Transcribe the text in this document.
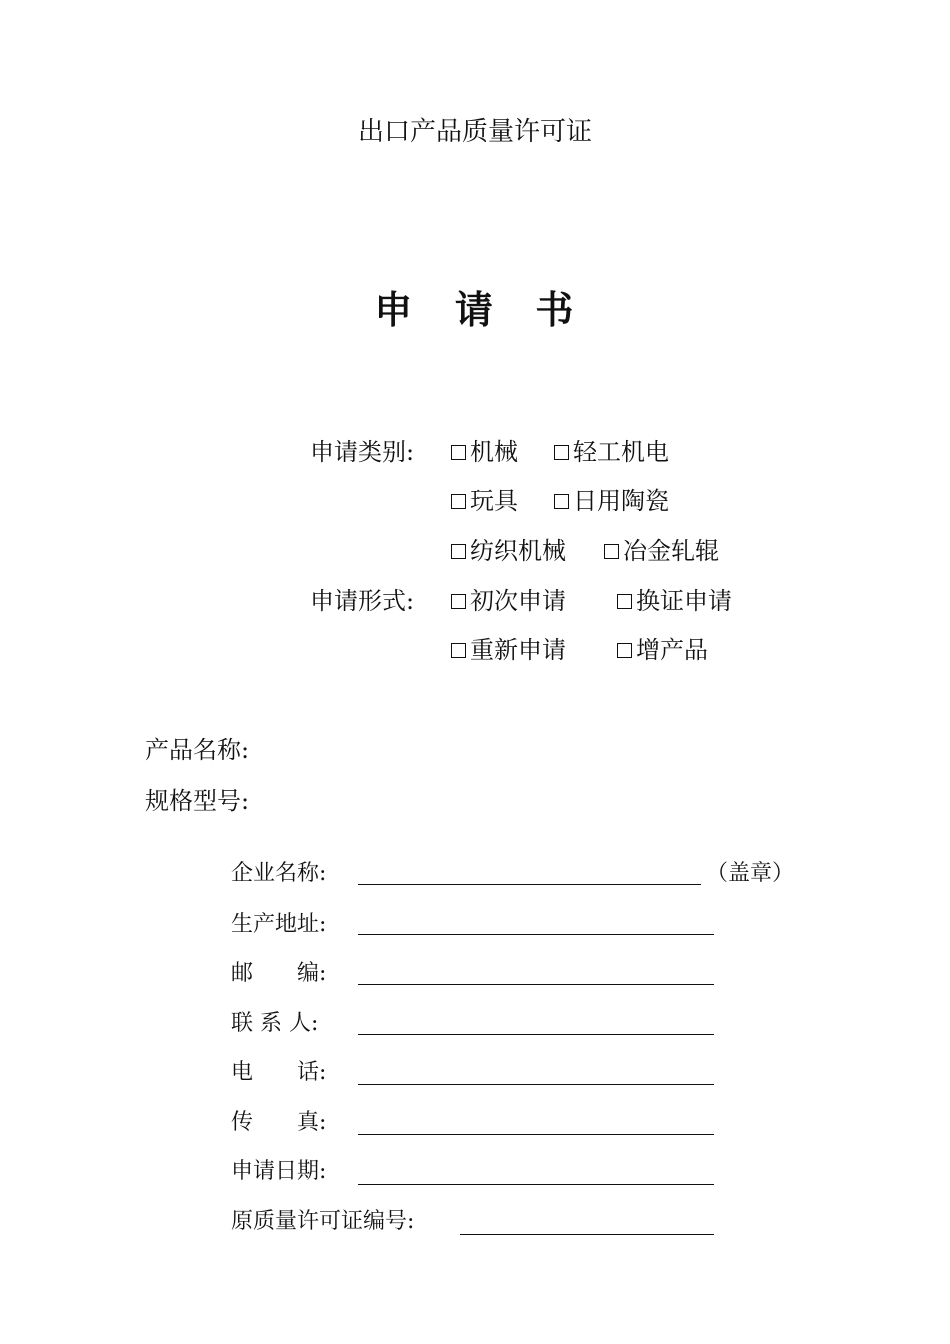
出口产品质量许可证
申　请　书
申请类别: 机械 轻工机电
玩具 日用陶瓷
纺织机械 冶金轧辊
申请形式: 初次申请	换证申请
重新申请	增产品
产品名称:
规格型号:
企业名称:	（盖章）
生产地址:
邮　　编:
联 系 人:
电　　话:
传　　真:
申请日期:
原质量许可证编号:
